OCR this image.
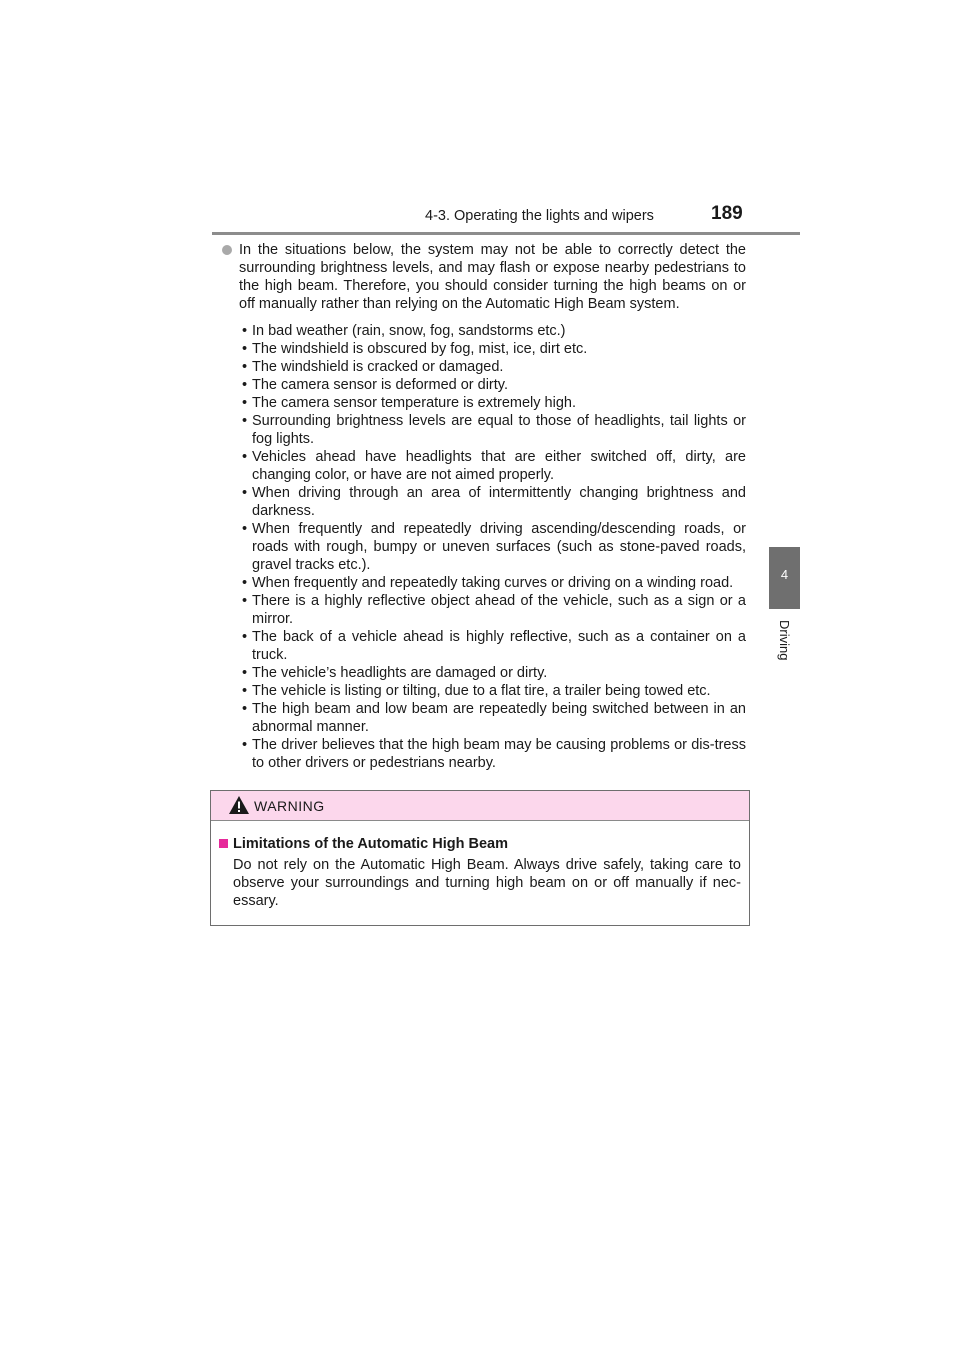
4-3. Operating the lights and wipers	189
4
Driving
In the situations below, the system may not be able to correctly detect the surrounding brightness levels, and may flash or expose nearby pedestrians to the high beam. Therefore, you should consider turning the high beams on or off manually rather than relying on the Automatic High Beam system.
• In bad weather (rain, snow, fog, sandstorms etc.)
• The windshield is obscured by fog, mist, ice, dirt etc.
• The windshield is cracked or damaged.
• The camera sensor is deformed or dirty.
• The camera sensor temperature is extremely high.
• Surrounding brightness levels are equal to those of headlights, tail lights or fog lights.
• Vehicles ahead have headlights that are either switched off, dirty, are changing color, or have are not aimed properly.
• When driving through an area of intermittently changing brightness and darkness.
• When frequently and repeatedly driving ascending/descending roads, or roads with rough, bumpy or uneven surfaces (such as stone-paved roads, gravel tracks etc.).
• When frequently and repeatedly taking curves or driving on a winding road.
• There is a highly reflective object ahead of the vehicle, such as a sign or a mirror.
• The back of a vehicle ahead is highly reflective, such as a container on a truck.
• The vehicle’s headlights are damaged or dirty.
• The vehicle is listing or tilting, due to a flat tire, a trailer being towed etc.
• The high beam and low beam are repeatedly being switched between in an abnormal manner.
• The driver believes that the high beam may be causing problems or dis-tress to other drivers or pedestrians nearby.
WARNING
Limitations of the Automatic High Beam
Do not rely on the Automatic High Beam. Always drive safely, taking care to observe your surroundings and turning high beam on or off manually if nec-essary.
